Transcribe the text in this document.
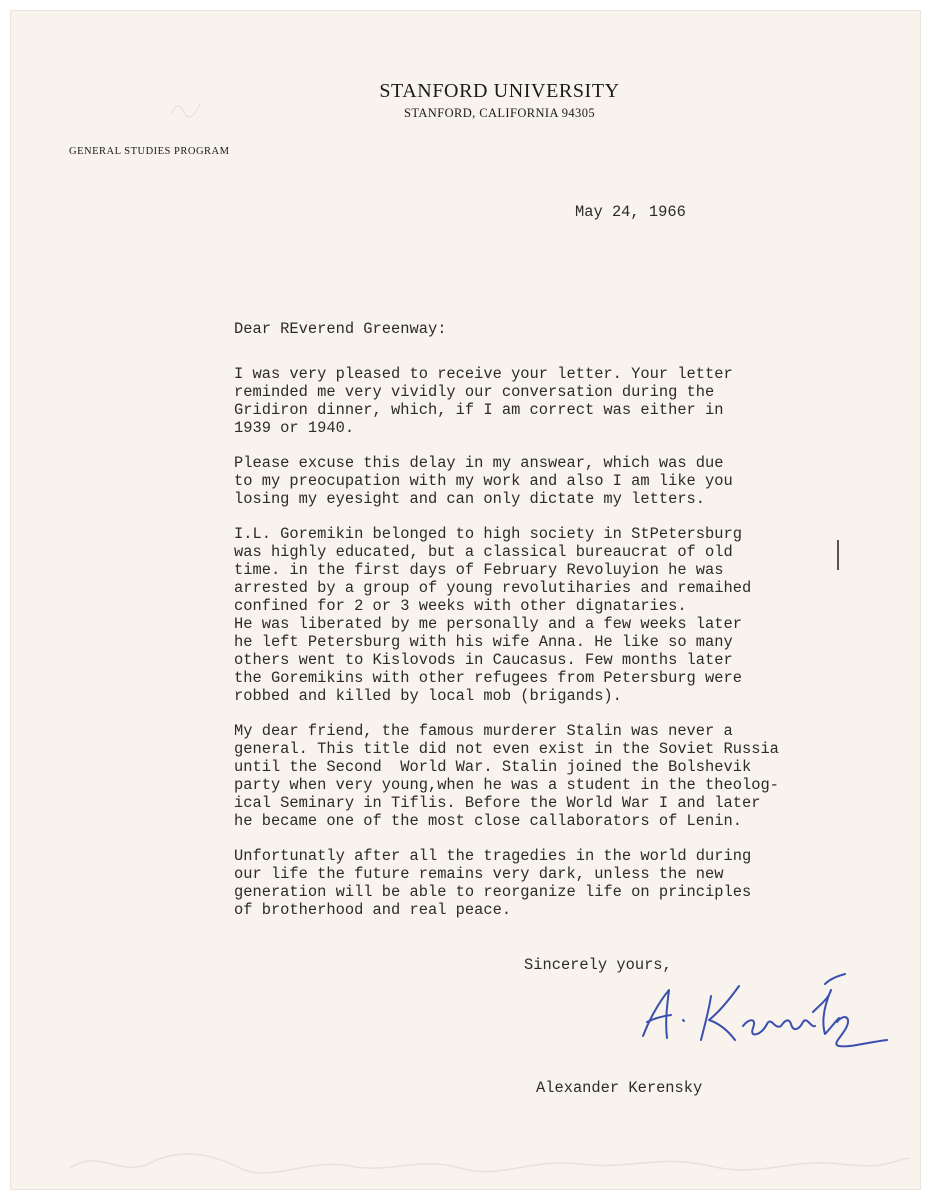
STANFORD UNIVERSITY
STANFORD, CALIFORNIA 94305
GENERAL STUDIES PROGRAM
May 24, 1966
Dear REverend Greenway:
I was very pleased to receive your letter. Your letter
reminded me very vividly our conversation during the
Gridiron dinner, which, if I am correct was either in
1939 or 1940.
Please excuse this delay in my answear, which was due
to my preocupation with my work and also I am like you
losing my eyesight and can only dictate my letters.
I.L. Goremikin belonged to high society in StPetersburg
was highly educated, but a classical bureaucrat of old
time. in the first days of February Revoluyion he was
arrested by a group of young revolutiharies and remaihed
confined for 2 or 3 weeks with other dignataries.
He was liberated by me personally and a few weeks later
he left Petersburg with his wife Anna. He like so many
others went to Kislovods in Caucasus. Few months later
the Goremikins with other refugees from Petersburg were
robbed and killed by local mob (brigands).
My dear friend, the famous murderer Stalin was never a
general. This title did not even exist in the Soviet Russia
until the Second  World War. Stalin joined the Bolshevik
party when very young,when he was a student in the theolog-
ical Seminary in Tiflis. Before the World War I and later
he became one of the most close callaborators of Lenin.
Unfortunatly after all the tragedies in the world during
our life the future remains very dark, unless the new
generation will be able to reorganize life on principles
of brotherhood and real peace.
Sincerely yours,
Alexander Kerensky
